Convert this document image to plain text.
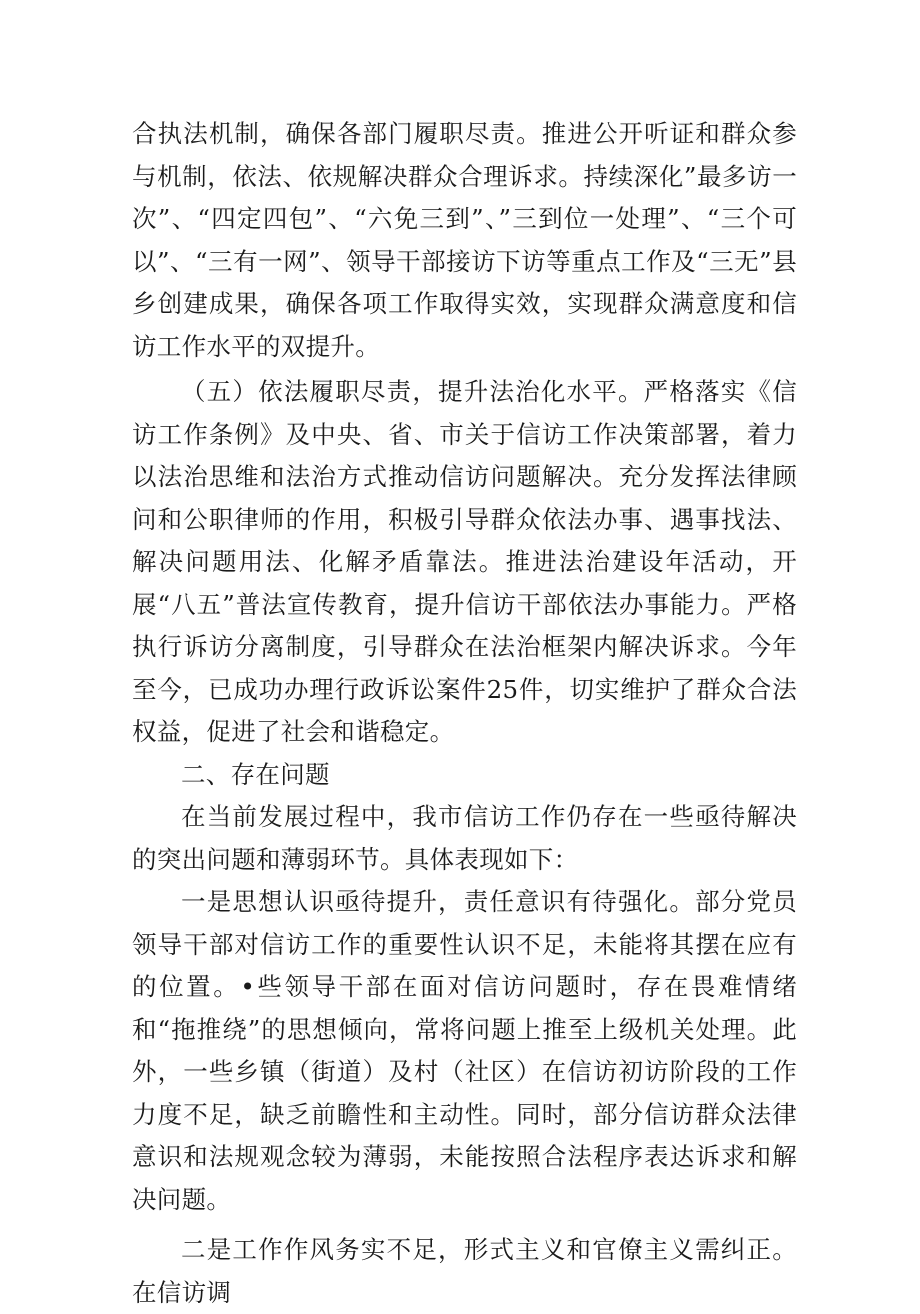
合执法机制，确保各部门履职尽责。推进公开听证和群众参与机制，依法、依规解决群众合理诉求。持续深化”最多访一次”、“四定四包”、“六免三到”、”三到位一处理”、“三个可以”、“三有一网”、领导干部接访下访等重点工作及“三无”县乡创建成果，确保各项工作取得实效，实现群众满意度和信访工作水平的双提升。

（五）依法履职尽责，提升法治化水平。严格落实《信访工作条例》及中央、省、市关于信访工作决策部署，着力以法治思维和法治方式推动信访问题解决。充分发挥法律顾问和公职律师的作用，积极引导群众依法办事、遇事找法、解决问题用法、化解矛盾靠法。推进法治建设年活动，开展“八五”普法宣传教育，提升信访干部依法办事能力。严格执行诉访分离制度，引导群众在法治框架内解决诉求。今年至今，已成功办理行政诉讼案件25件，切实维护了群众合法权益，促进了社会和谐稳定。

二、存在问题

在当前发展过程中，我市信访工作仍存在一些亟待解决的突出问题和薄弱环节。具体表现如下：

一是思想认识亟待提升，责任意识有待强化。部分党员领导干部对信访工作的重要性认识不足，未能将其摆在应有的位置。•些领导干部在面对信访问题时，存在畏难情绪和“拖推绕”的思想倾向，常将问题上推至上级机关处理。此外，一些乡镇（街道）及村（社区）在信访初访阶段的工作力度不足，缺乏前瞻性和主动性。同时，部分信访群众法律意识和法规观念较为薄弱，未能按照合法程序表达诉求和解决问题。

二是工作作风务实不足，形式主义和官僚主义需纠正。在信访调
